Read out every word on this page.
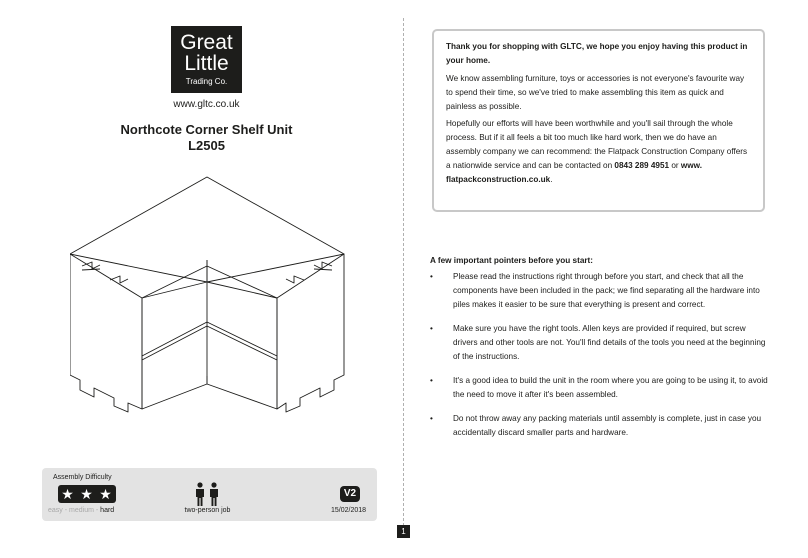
Great
Little
Trading Co.
www.gltc.co.uk
Northcote Corner Shelf Unit
L2505
Assembly Difficulty
★ ★ ★
easy - medium - hard	two-person job
V2
15/02/2018
1

Thank you for shopping with GLTC, we hope you enjoy having this product in your home.

We know assembling furniture, toys or accessories is not everyone's favourite way to spend their time, so we've tried to make assembling this item as quick and painless as possible.

Hopefully our efforts will have been worthwhile and you'll sail through the whole process. But if it all feels a bit too much like hard work, then we do have an assembly company we can recommend: the Flatpack Construction Company offers a nationwide service and can be contacted on 0843 289 4951 or www. flatpackconstruction.co.uk.

A few important pointers before you start:
• Please read the instructions right through before you start, and check that all the components have been included in the pack; we find separating all the hardware into piles makes it easier to be sure that everything is present and correct.
• Make sure you have the right tools. Allen keys are provided if required, but screw drivers and other tools are not. You'll find details of the tools you need at the beginning of the instructions.
• It's a good idea to build the unit in the room where you are going to be using it, to avoid the need to move it after it's been assembled.
• Do not throw away any packing materials until assembly is complete, just in case you accidentally discard smaller parts and hardware.
